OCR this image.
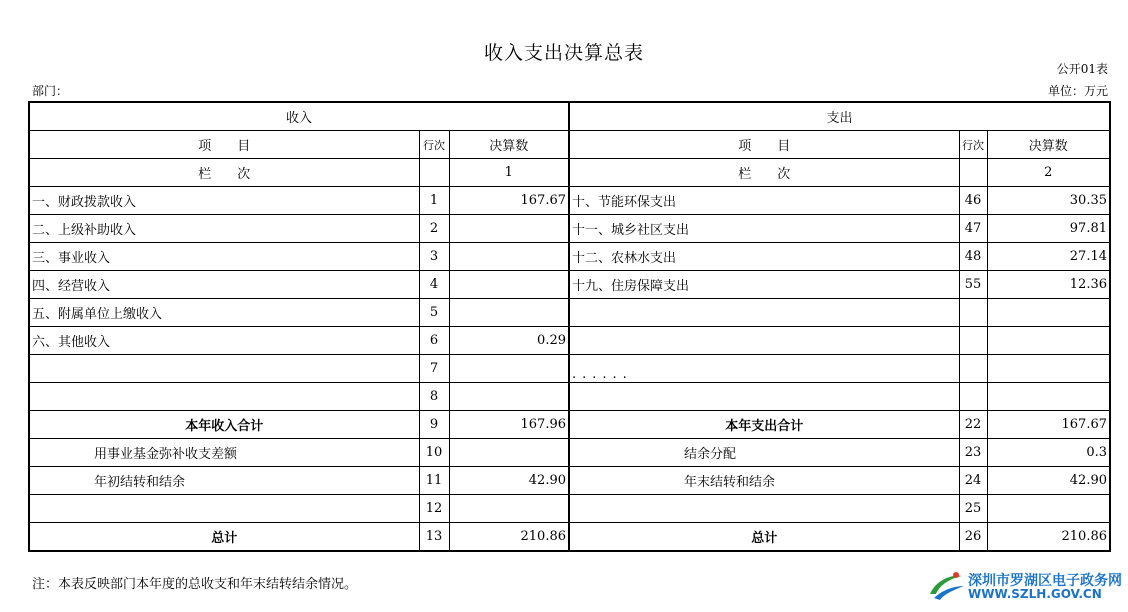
收入支出决算总表
公开01表
部门：	单位：万元
收入			支出		
项　　目	行次	决算数	项　　目	行次	决算数
栏　　次		1	栏　　次		2
一、财政拨款收入	1	167.67	十、节能环保支出	46	30.35
二、上级补助收入	2		十一、城乡社区支出	47	97.81
三、事业收入	3		十二、农林水支出	48	27.14
四、经营收入	4		十九、住房保障支出	55	12.36
五、附属单位上缴收入	5				
六、其他收入	6	0.29			
	7		......		
	8				
本年收入合计	9	167.96	本年支出合计	22	167.67
用事业基金弥补收支差额	10		结余分配	23	0.3
年初结转和结余	11	42.90	年末结转和结余	24	42.90
	12			25	
总计	13	210.86	总计	26	210.86
注：本表反映部门本年度的总收支和年末结转结余情况。	深圳市罗湖区电子政务网
WWW.SZLH.GOV.CN
